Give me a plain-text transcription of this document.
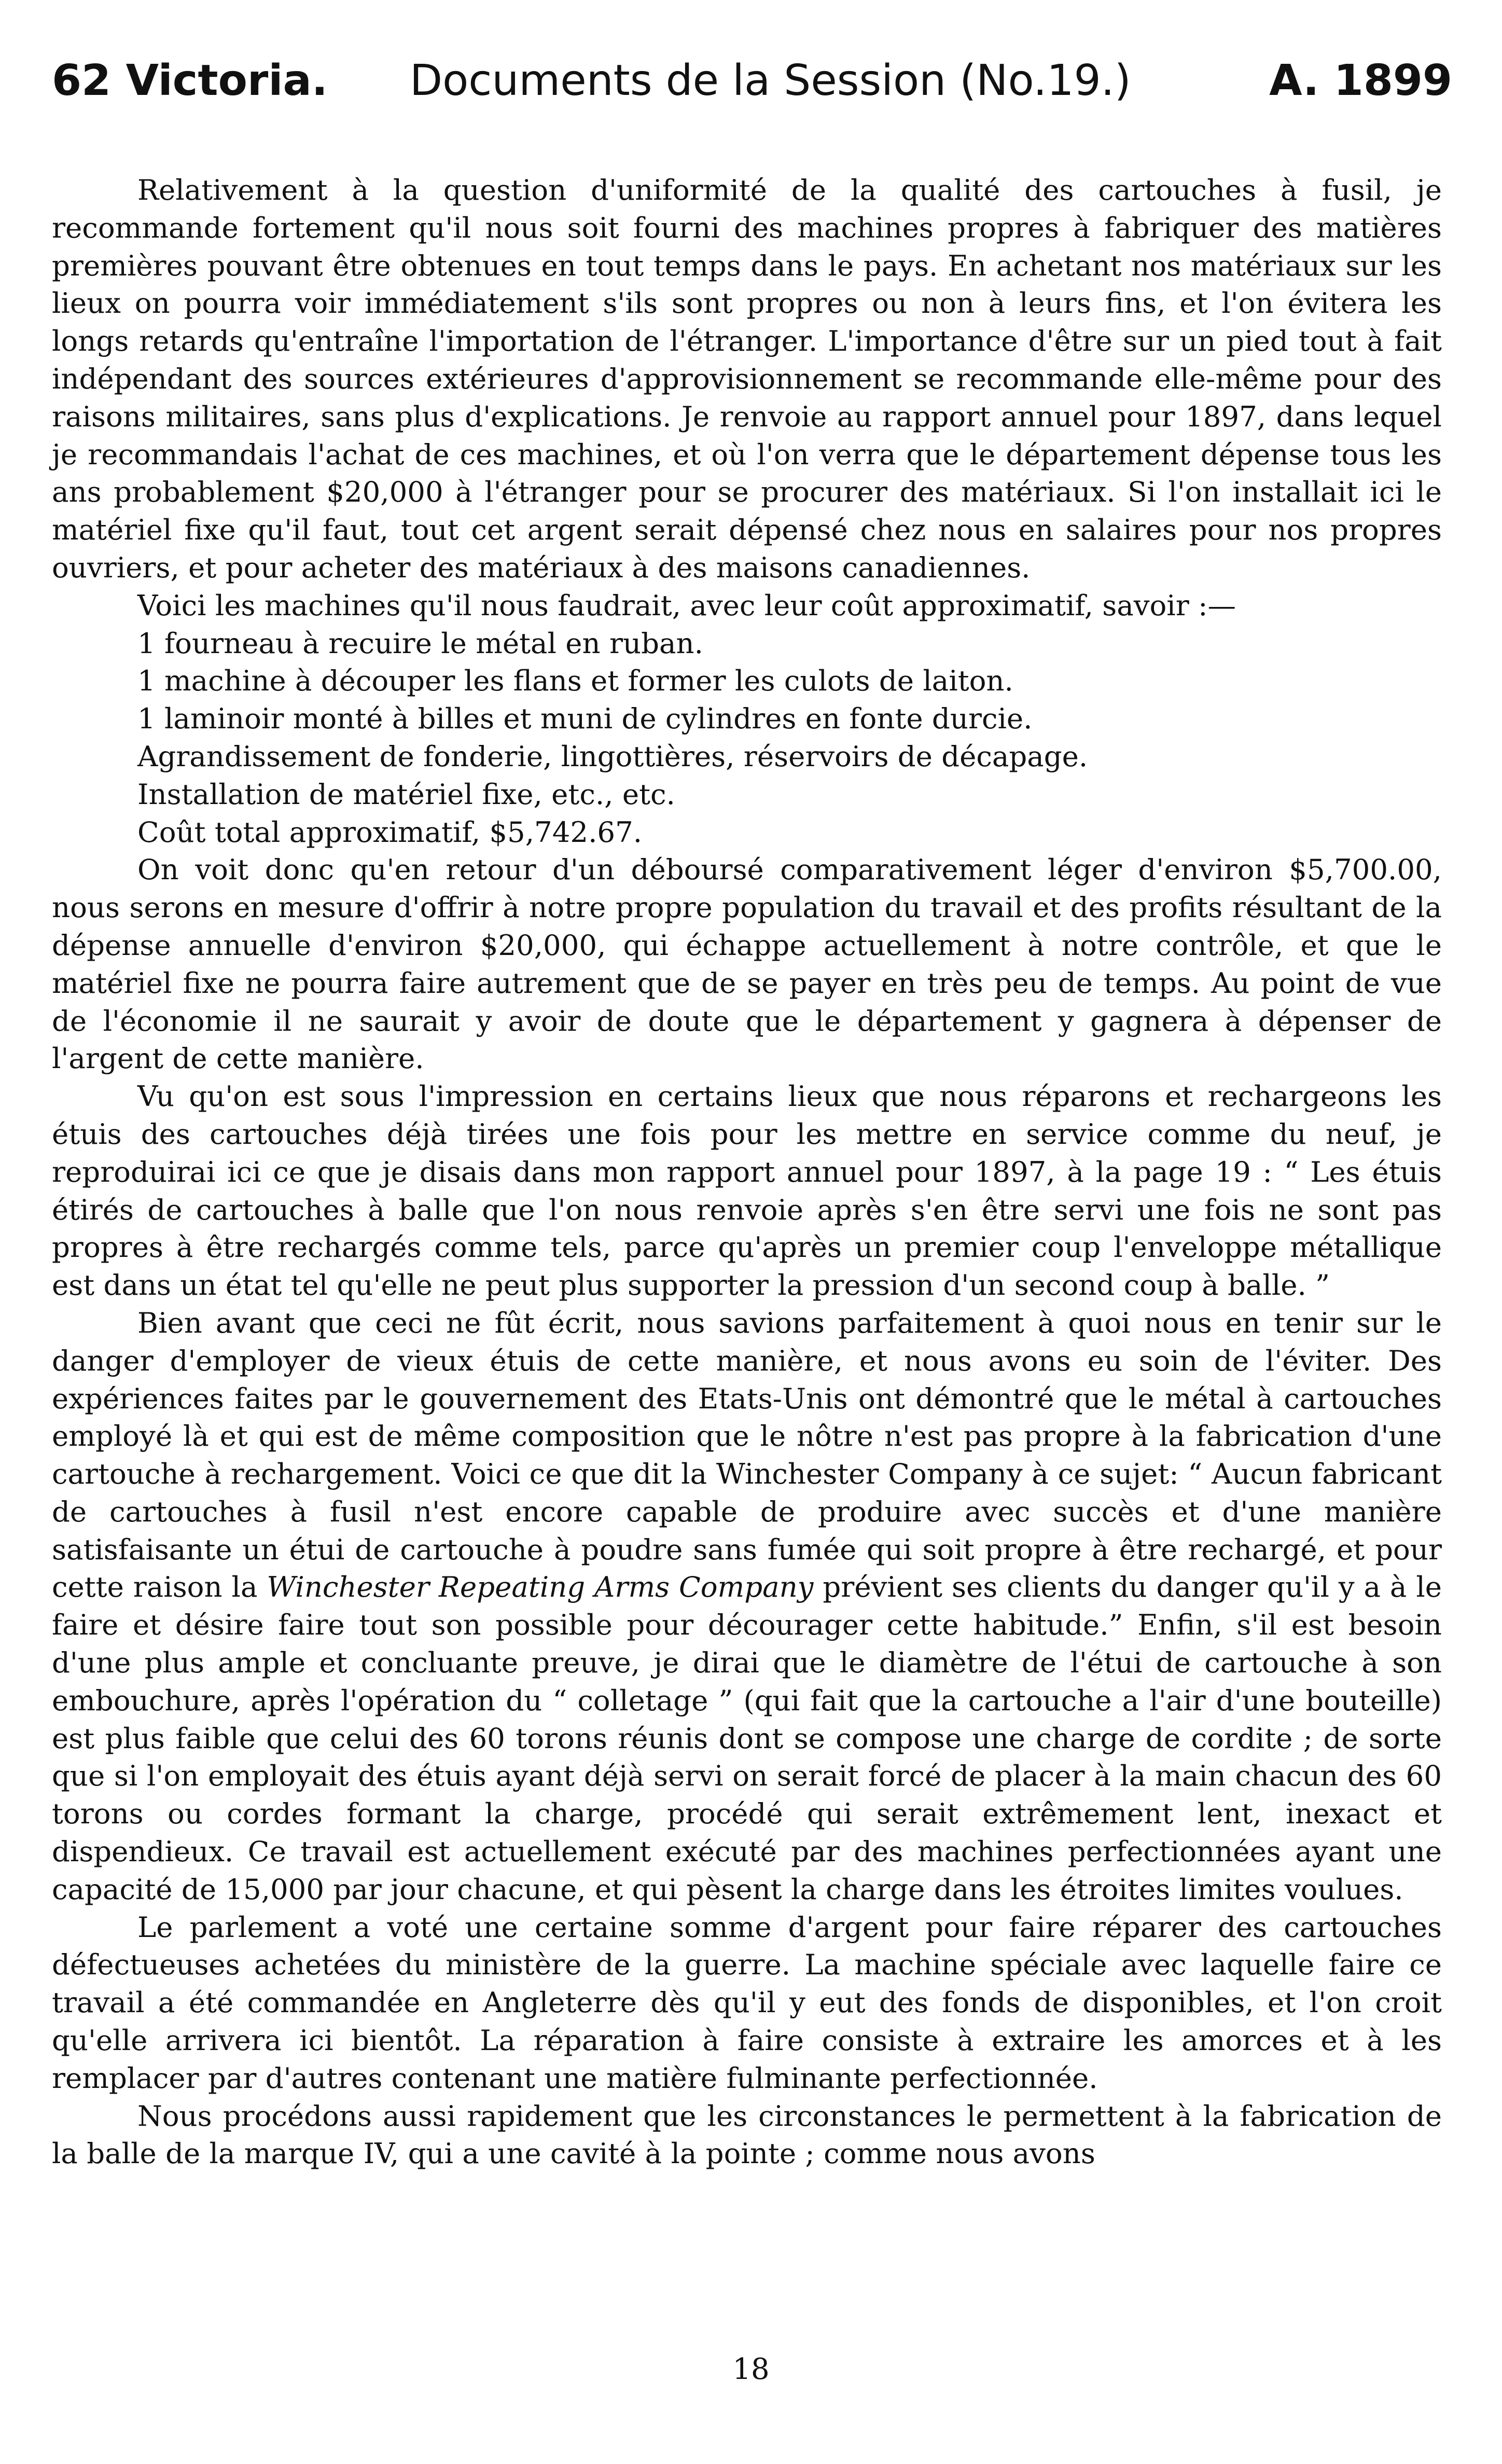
62 Victoria. Documents de la Session (No.19.)	A. 1899

Relativement à la question d'uniformité de la qualité des cartouches à fusil, je recommande fortement qu'il nous soit fourni des machines propres à fabriquer des matières premières pouvant être obtenues en tout temps dans le pays. En achetant nos matériaux sur les lieux on pourra voir immédiatement s'ils sont propres ou non à leurs fins, et l'on évitera les longs retards qu'entraîne l'importation de l'étranger. L'importance d'être sur un pied tout à fait indépendant des sources extérieures d'approvisionnement se recommande elle-même pour des raisons militaires, sans plus d'explications. Je renvoie au rapport annuel pour 1897, dans lequel je recommandais l'achat de ces machines, et où l'on verra que le département dépense tous les ans probablement $20,000 à l'étranger pour se procurer des matériaux. Si l'on installait ici le matériel fixe qu'il faut, tout cet argent serait dépensé chez nous en salaires pour nos propres ouvriers, et pour acheter des matériaux à des maisons canadiennes.

Voici les machines qu'il nous faudrait, avec leur coût approximatif, savoir :—

1 fourneau à recuire le métal en ruban.

1 machine à découper les flans et former les culots de laiton.

1 laminoir monté à billes et muni de cylindres en fonte durcie.

Agrandissement de fonderie, lingottières, réservoirs de décapage.

Installation de matériel fixe, etc., etc.

Coût total approximatif, $5,742.67.

On voit donc qu'en retour d'un déboursé comparativement léger d'environ $5,700.00, nous serons en mesure d'offrir à notre propre population du travail et des profits résultant de la dépense annuelle d'environ $20,000, qui échappe actuellement à notre contrôle, et que le matériel fixe ne pourra faire autrement que de se payer en très peu de temps. Au point de vue de l'économie il ne saurait y avoir de doute que le département y gagnera à dépenser de l'argent de cette manière.

Vu qu'on est sous l'impression en certains lieux que nous réparons et rechargeons les étuis des cartouches déjà tirées une fois pour les mettre en service comme du neuf, je reproduirai ici ce que je disais dans mon rapport annuel pour 1897, à la page 19 : “ Les étuis étirés de cartouches à balle que l'on nous renvoie après s'en être servi une fois ne sont pas propres à être rechargés comme tels, parce qu'après un premier coup l'enveloppe métallique est dans un état tel qu'elle ne peut plus supporter la pression d'un second coup à balle. ”

Bien avant que ceci ne fût écrit, nous savions parfaitement à quoi nous en tenir sur le danger d'employer de vieux étuis de cette manière, et nous avons eu soin de l'éviter. Des expériences faites par le gouvernement des Etats-Unis ont démontré que le métal à cartouches employé là et qui est de même composition que le nôtre n'est pas propre à la fabrication d'une cartouche à rechargement. Voici ce que dit la Winchester Company à ce sujet: “ Aucun fabricant de cartouches à fusil n'est encore capable de produire avec succès et d'une manière satisfaisante un étui de cartouche à poudre sans fumée qui soit propre à être rechargé, et pour cette raison la Winchester Repeating Arms Company prévient ses clients du danger qu'il y a à le faire et désire faire tout son possible pour décourager cette habitude.” Enfin, s'il est besoin d'une plus ample et concluante preuve, je dirai que le diamètre de l'étui de cartouche à son embouchure, après l'opération du “ colletage ” (qui fait que la cartouche a l'air d'une bouteille) est plus faible que celui des 60 torons réunis dont se compose une charge de cordite ; de sorte que si l'on employait des étuis ayant déjà servi on serait forcé de placer à la main chacun des 60 torons ou cordes formant la charge, procédé qui serait extrêmement lent, inexact et dispendieux. Ce travail est actuellement exécuté par des machines perfectionnées ayant une capacité de 15,000 par jour chacune, et qui pèsent la charge dans les étroites limites voulues.

Le parlement a voté une certaine somme d'argent pour faire réparer des cartouches défectueuses achetées du ministère de la guerre. La machine spéciale avec laquelle faire ce travail a été commandée en Angleterre dès qu'il y eut des fonds de disponibles, et l'on croit qu'elle arrivera ici bientôt. La réparation à faire consiste à extraire les amorces et à les remplacer par d'autres contenant une matière fulminante perfectionnée.

Nous procédons aussi rapidement que les circonstances le permettent à la fabrication de la balle de la marque IV, qui a une cavité à la pointe ; comme nous avons

18
